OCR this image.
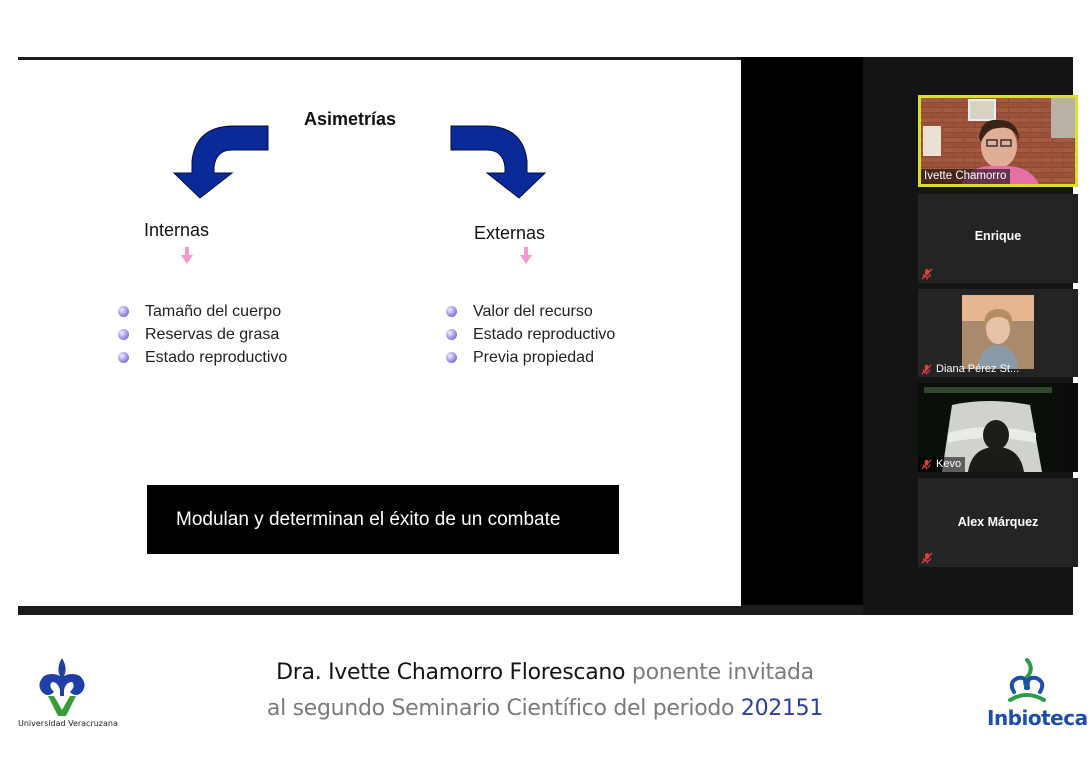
Asimetrías
Internas	Externas
Tamaño del cuerpo
Reservas de grasa
Estado reproductivo
Valor del recurso
Estado reproductivo
Previa propiedad
Modulan y determinan el éxito de un combate
Ivette Chamorro
Enrique
Diana Pérez St...
Kevo
Alex Márquez
Dra. Ivette Chamorro Florescano ponente invitada
al segundo Seminario Científico del periodo 202151
Universidad Veracruzana	Inbioteca
